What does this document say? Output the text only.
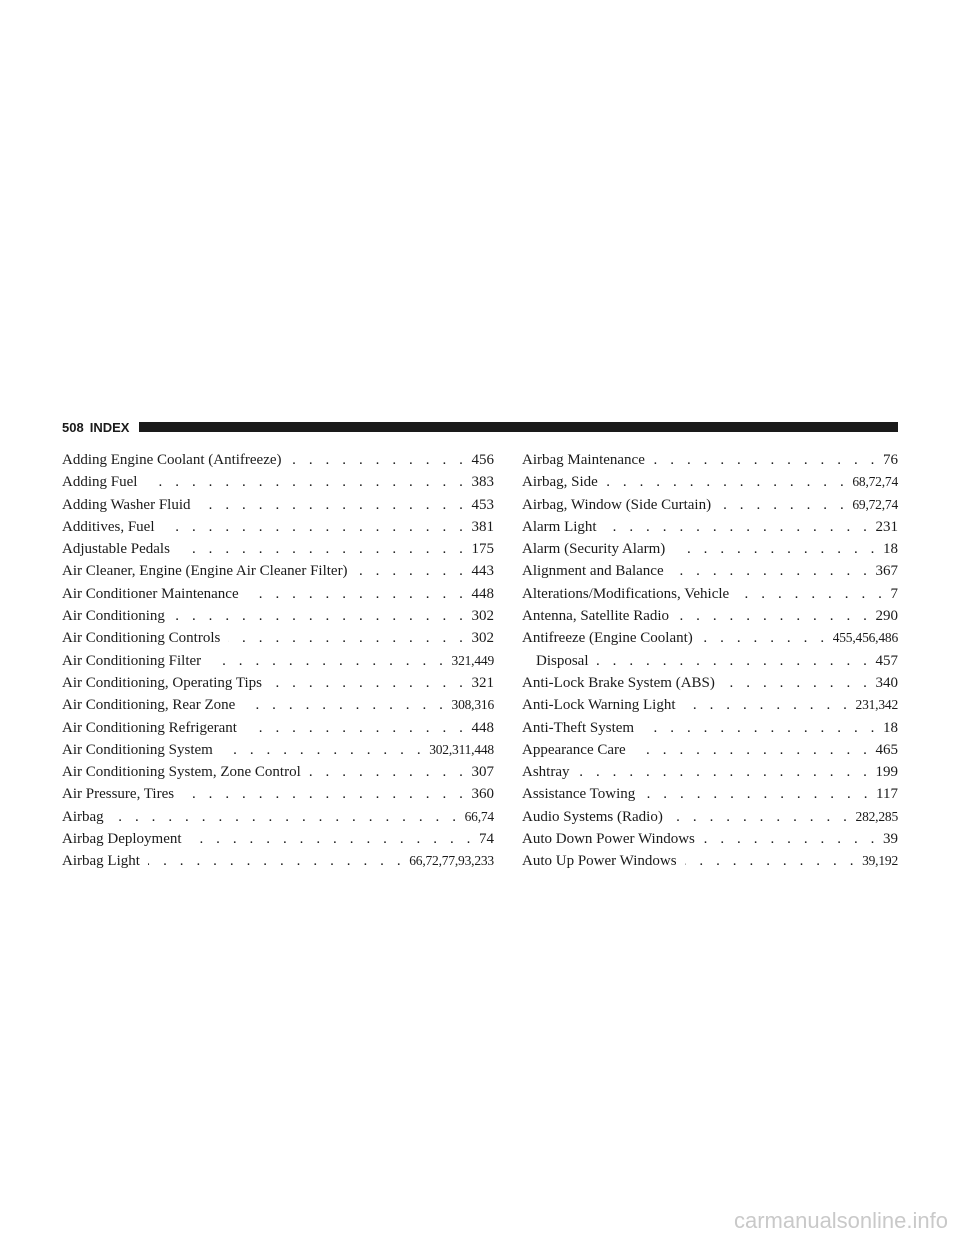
508 INDEX
Adding Engine Coolant (Antifreeze) . . .	456
Adding Fuel . . .	383
Adding Washer Fluid . . .	453
Additives, Fuel . . .	381
Adjustable Pedals . . .	175
Air Cleaner, Engine (Engine Air Cleaner Filter) . . .	443
Air Conditioner Maintenance . . .	448
Air Conditioning . . .	302
Air Conditioning Controls . . .	302
Air Conditioning Filter . . .	321,449
Air Conditioning, Operating Tips . . .	321
Air Conditioning, Rear Zone . . .	308,316
Air Conditioning Refrigerant . . .	448
Air Conditioning System . . .	302,311,448
Air Conditioning System, Zone Control . . .	307
Air Pressure, Tires . . .	360
Airbag . . .	66,74
Airbag Deployment . . .	74
Airbag Light . . .	66,72,77,93,233
Airbag Maintenance . . .	76
Airbag, Side . . .	68,72,74
Airbag, Window (Side Curtain) . . .	69,72,74
Alarm Light . . .	231
Alarm (Security Alarm) . . .	18
Alignment and Balance . . .	367
Alterations/Modifications, Vehicle . . .	7
Antenna, Satellite Radio . . .	290
Antifreeze (Engine Coolant) . . .	455,456,486
Disposal . . .	457
Anti-Lock Brake System (ABS) . . .	340
Anti-Lock Warning Light . . .	231,342
Anti-Theft System . . .	18
Appearance Care . . .	465
Ashtray . . .	199
Assistance Towing . . .	117
Audio Systems (Radio) . . .	282,285
Auto Down Power Windows . . .	39
Auto Up Power Windows . . .	39,192
carmanualsonline.info
